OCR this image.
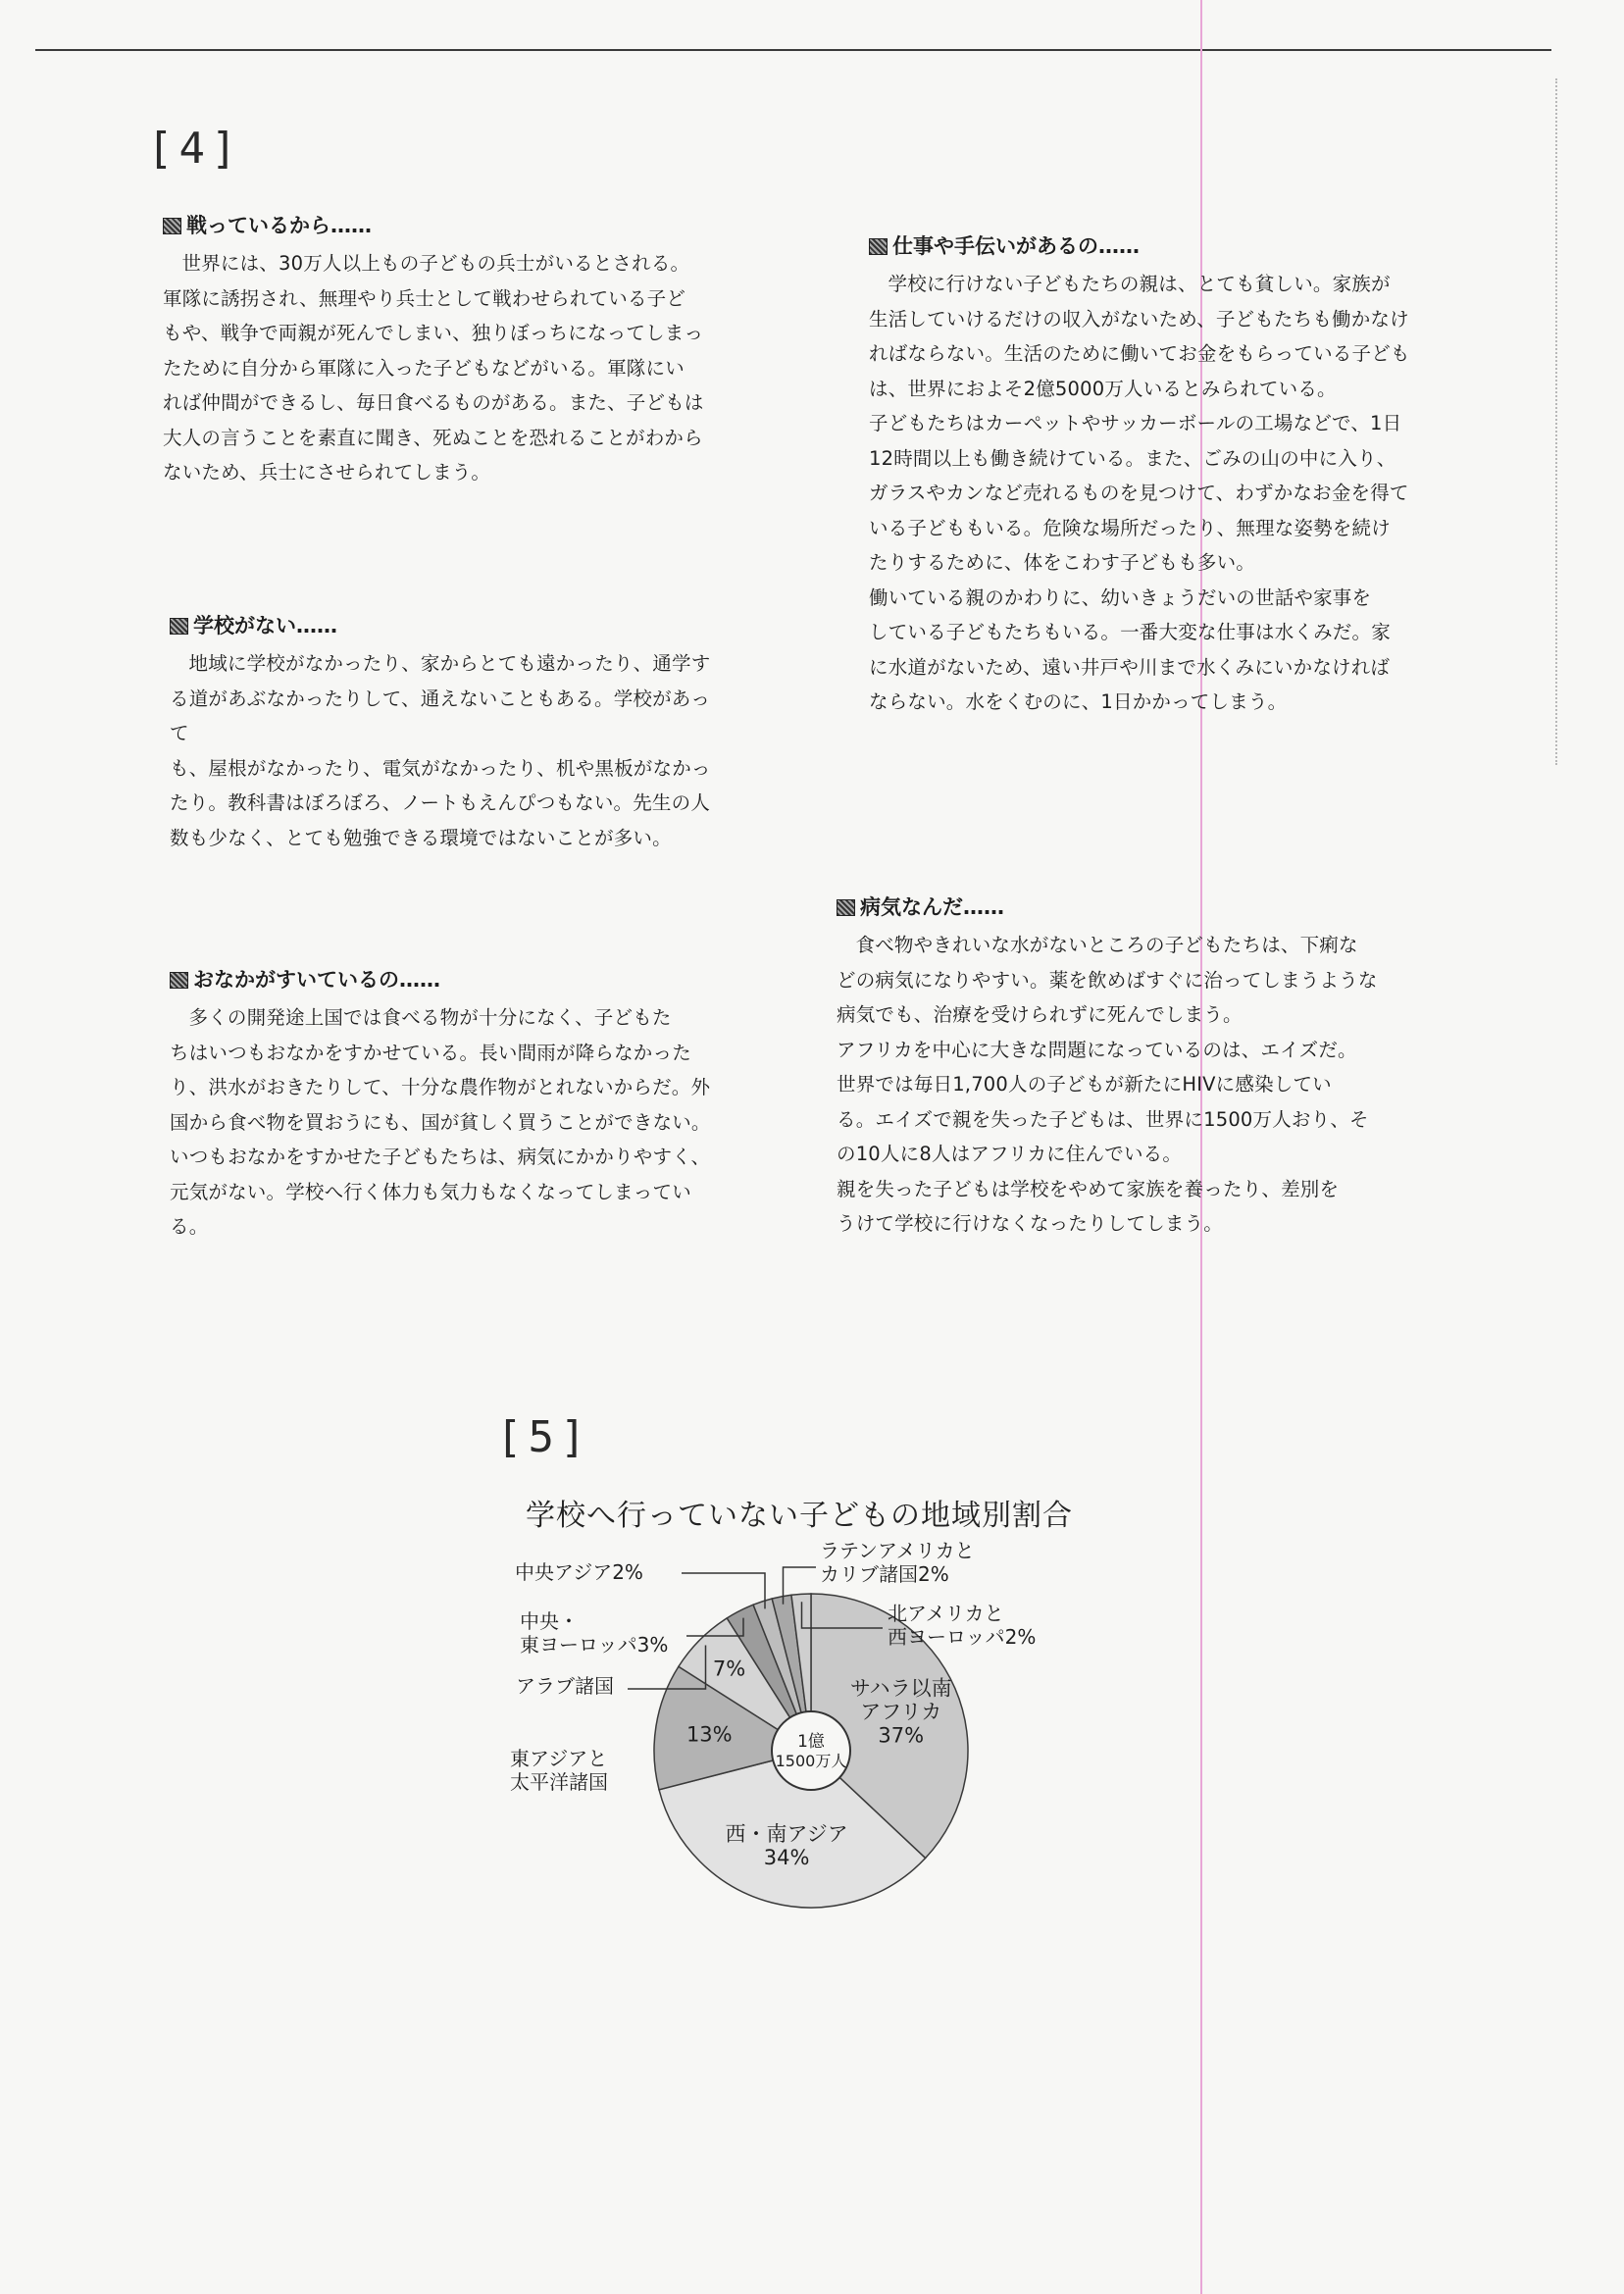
[4]
戦っているから……

世界には、30万人以上もの子どもの兵士がいるとされる。
軍隊に誘拐され、無理やり兵士として戦わせられている子ど
もや、戦争で両親が死んでしまい、独りぼっちになってしまっ
たために自分から軍隊に入った子どもなどがいる。軍隊にい
れば仲間ができるし、毎日食べるものがある。また、子どもは
大人の言うことを素直に聞き、死ぬことを恐れることがわから
ないため、兵士にさせられてしまう。

学校がない……

地域に学校がなかったり、家からとても遠かったり、通学す
る道があぶなかったりして、通えないこともある。学校があって
も、屋根がなかったり、電気がなかったり、机や黒板がなかっ
たり。教科書はぼろぼろ、ノートもえんぴつもない。先生の人
数も少なく、とても勉強できる環境ではないことが多い。

おなかがすいているの……

多くの開発途上国では食べる物が十分になく、子どもた
ちはいつもおなかをすかせている。長い間雨が降らなかった
り、洪水がおきたりして、十分な農作物がとれないからだ。外
国から食べ物を買おうにも、国が貧しく買うことができない。
いつもおなかをすかせた子どもたちは、病気にかかりやすく、
元気がない。学校へ行く体力も気力もなくなってしまっている。

仕事や手伝いがあるの……

学校に行けない子どもたちの親は、とても貧しい。家族が
生活していけるだけの収入がないため、子どもたちも働かなけ
ればならない。生活のために働いてお金をもらっている子ども
は、世界におよそ2億5000万人いるとみられている。
子どもたちはカーペットやサッカーボールの工場などで、1日
12時間以上も働き続けている。また、ごみの山の中に入り、
ガラスやカンなど売れるものを見つけて、わずかなお金を得て
いる子どももいる。危険な場所だったり、無理な姿勢を続け
たりするために、体をこわす子どもも多い。
働いている親のかわりに、幼いきょうだいの世話や家事を
している子どもたちもいる。一番大変な仕事は水くみだ。家
に水道がないため、遠い井戸や川まで水くみにいかなければ
ならない。水をくむのに、1日かかってしまう。

病気なんだ……

食べ物やきれいな水がないところの子どもたちは、下痢な
どの病気になりやすい。薬を飲めばすぐに治ってしまうような
病気でも、治療を受けられずに死んでしまう。
アフリカを中心に大きな問題になっているのは、エイズだ。
世界では毎日1,700人の子どもが新たにHIVに感染してい
る。エイズで親を失った子どもは、世界に1500万人おり、そ
の10人に8人はアフリカに住んでいる。
親を失った子どもは学校をやめて家族を養ったり、差別を
うけて学校に行けなくなったりしてしまう。

[5]
学校へ行っていない子どもの地域別割合
1億
1500万人
サハラ以南
アフリカ
37%
西・南アジア
34%
13%
7%
中央・
東ヨーロッパ3%
中央アジア2%
ラテンアメリカと
カリブ諸国2%
北アメリカと
西ヨーロッパ2%
アラブ諸国
東アジアと
太平洋諸国
